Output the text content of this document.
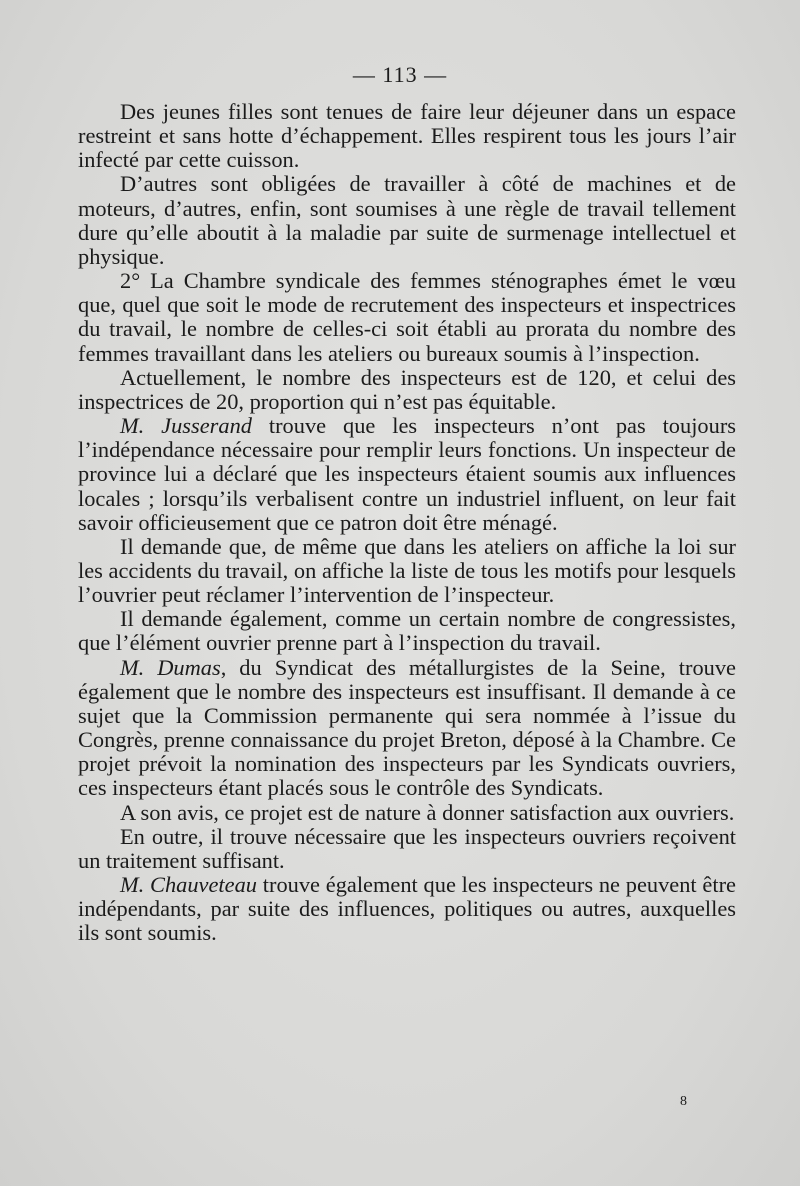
— 113 —

Des jeunes filles sont tenues de faire leur déjeuner dans un espace restreint et sans hotte d’échappement. Elles respirent tous les jours l’air infecté par cette cuisson.

D’autres sont obligées de travailler à côté de machines et de moteurs, d’autres, enfin, sont soumises à une règle de travail tellement dure qu’elle aboutit à la maladie par suite de surmenage intellectuel et physique.

2° La Chambre syndicale des femmes sténographes émet le vœu que, quel que soit le mode de recrutement des inspecteurs et inspectrices du travail, le nombre de celles-ci soit établi au prorata du nombre des femmes travaillant dans les ateliers ou bureaux soumis à l’inspection.

Actuellement, le nombre des inspecteurs est de 120, et celui des inspectrices de 20, proportion qui n’est pas équitable.

M. Jusserand trouve que les inspecteurs n’ont pas toujours l’indépendance nécessaire pour remplir leurs fonctions. Un inspecteur de province lui a déclaré que les inspecteurs étaient soumis aux influences locales ; lorsqu’ils verbalisent contre un industriel influent, on leur fait savoir officieusement que ce patron doit être ménagé.

Il demande que, de même que dans les ateliers on affiche la loi sur les accidents du travail, on affiche la liste de tous les motifs pour lesquels l’ouvrier peut réclamer l’intervention de l’inspecteur.

Il demande également, comme un certain nombre de congressistes, que l’élément ouvrier prenne part à l’inspection du travail.

M. Dumas, du Syndicat des métallurgistes de la Seine, trouve également que le nombre des inspecteurs est insuffisant. Il demande à ce sujet que la Commission permanente qui sera nommée à l’issue du Congrès, prenne connaissance du projet Breton, déposé à la Chambre. Ce projet prévoit la nomination des inspecteurs par les Syndicats ouvriers, ces inspecteurs étant placés sous le contrôle des Syndicats.

A son avis, ce projet est de nature à donner satisfaction aux ouvriers.

En outre, il trouve nécessaire que les inspecteurs ouvriers reçoivent un traitement suffisant.

M. Chauveteau trouve également que les inspecteurs ne peuvent être indépendants, par suite des influences, politiques ou autres, auxquelles ils sont soumis.

8
